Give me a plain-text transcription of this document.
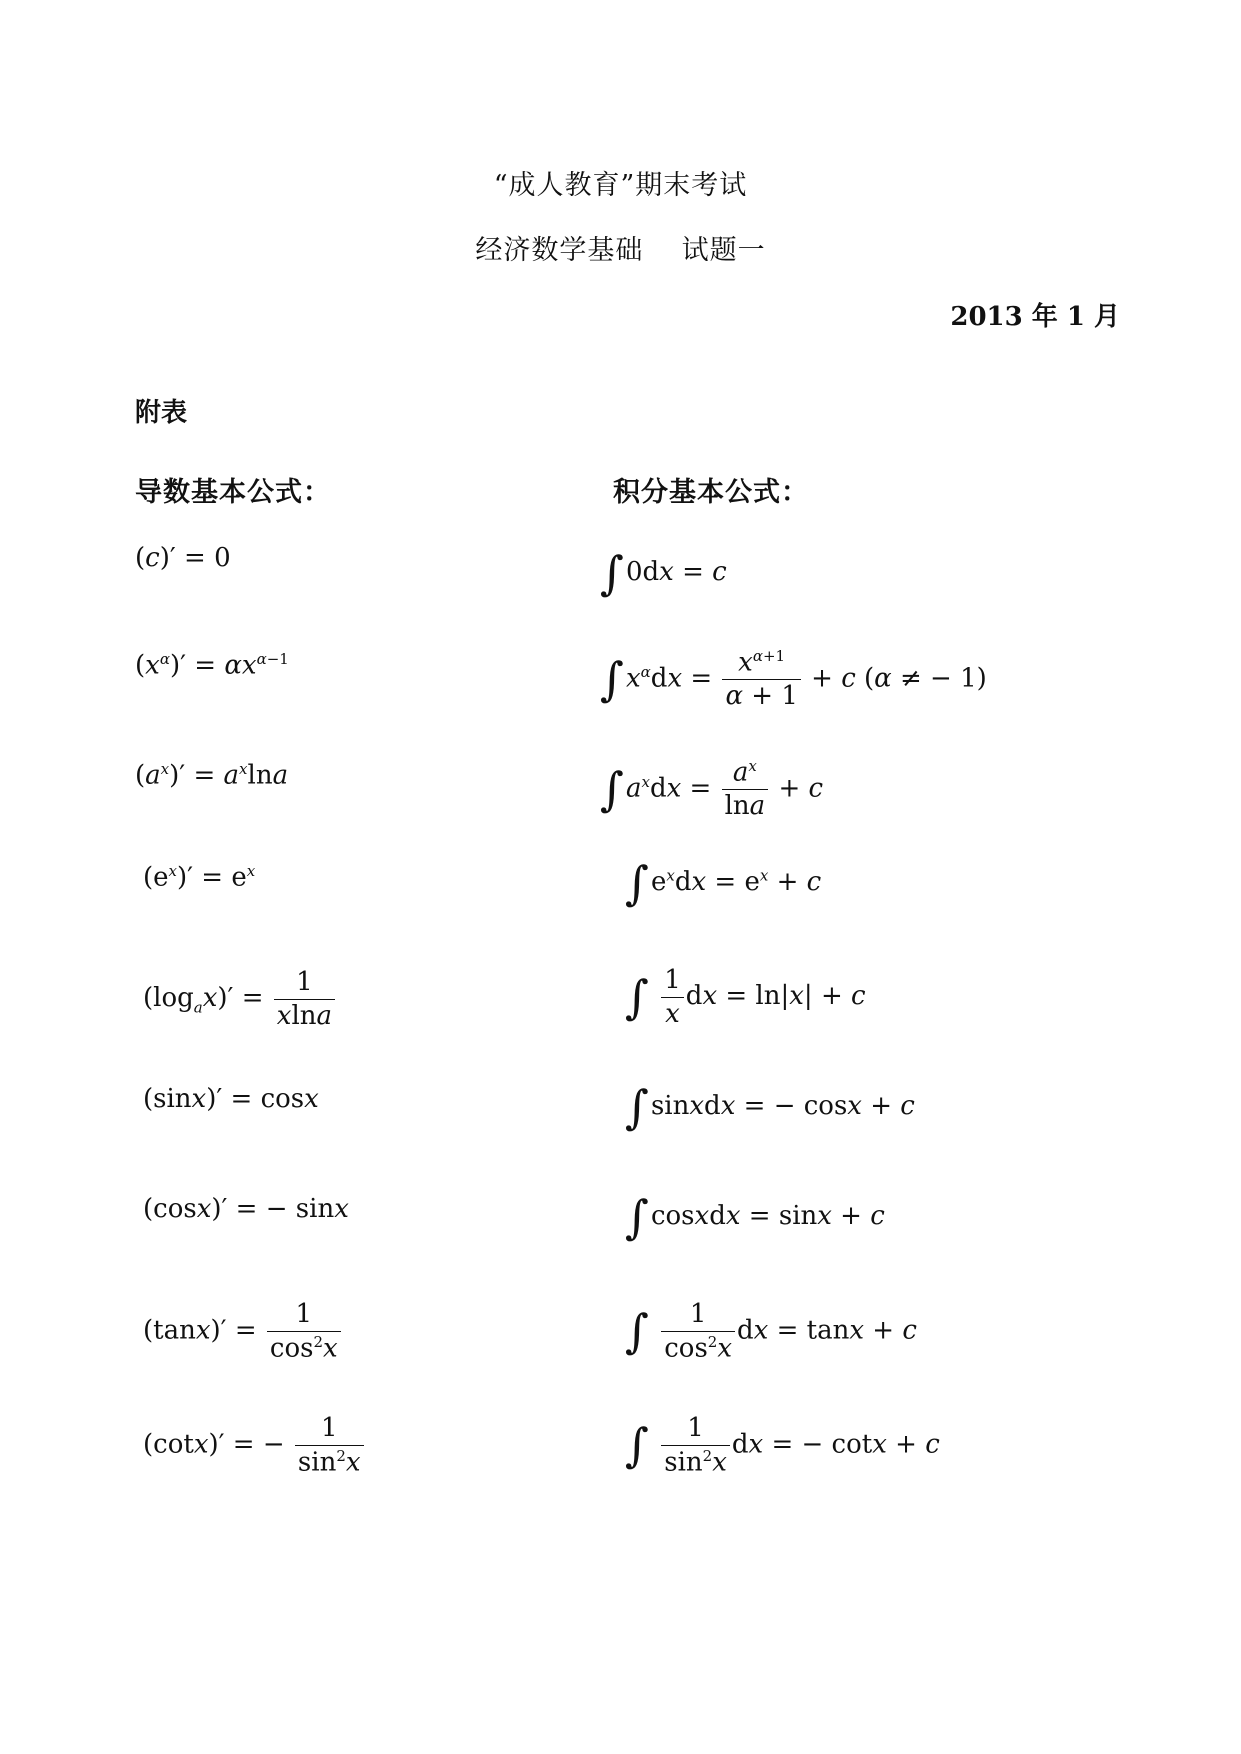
“成人教育”期末考试
经济数学基础    试题一
2013 年 1 月
附表
导数基本公式：	积分基本公式：
(c)′ = 0
$(x^\alpha)' = \alpha x^{\alpha-1}$
$(a^x)' = a^x\ln a$
$(e^x)' = e^x$
$(\log_ax)' = \frac{1}{xlna}$
(sinx)′ = cosx
(cosx)′ = − sinx
$(\tan x)' = \frac{1}{\cos^2x}$
(cotx)′ = − $\frac{1}{\sin^2x}$
∫0dx = c
$\int x^\alpha dx = \frac{x^{\alpha+1}}{\alpha + 1} + c$ (α ≠ − 1)
$\int a^xdx = \frac{a^x}{\ln a} + c$
$\int e^xdx = e^x + c$
∫ $\frac{1}{x}$ dx = ln|x| + c
∫sinxdx = − cosx + c
∫cosxdx = sinx + c
∫ $\frac{1}{\cos^2x}$ dx = tanx + c
∫ $\frac{1}{\sin^2x}$ dx = − cotx + c
